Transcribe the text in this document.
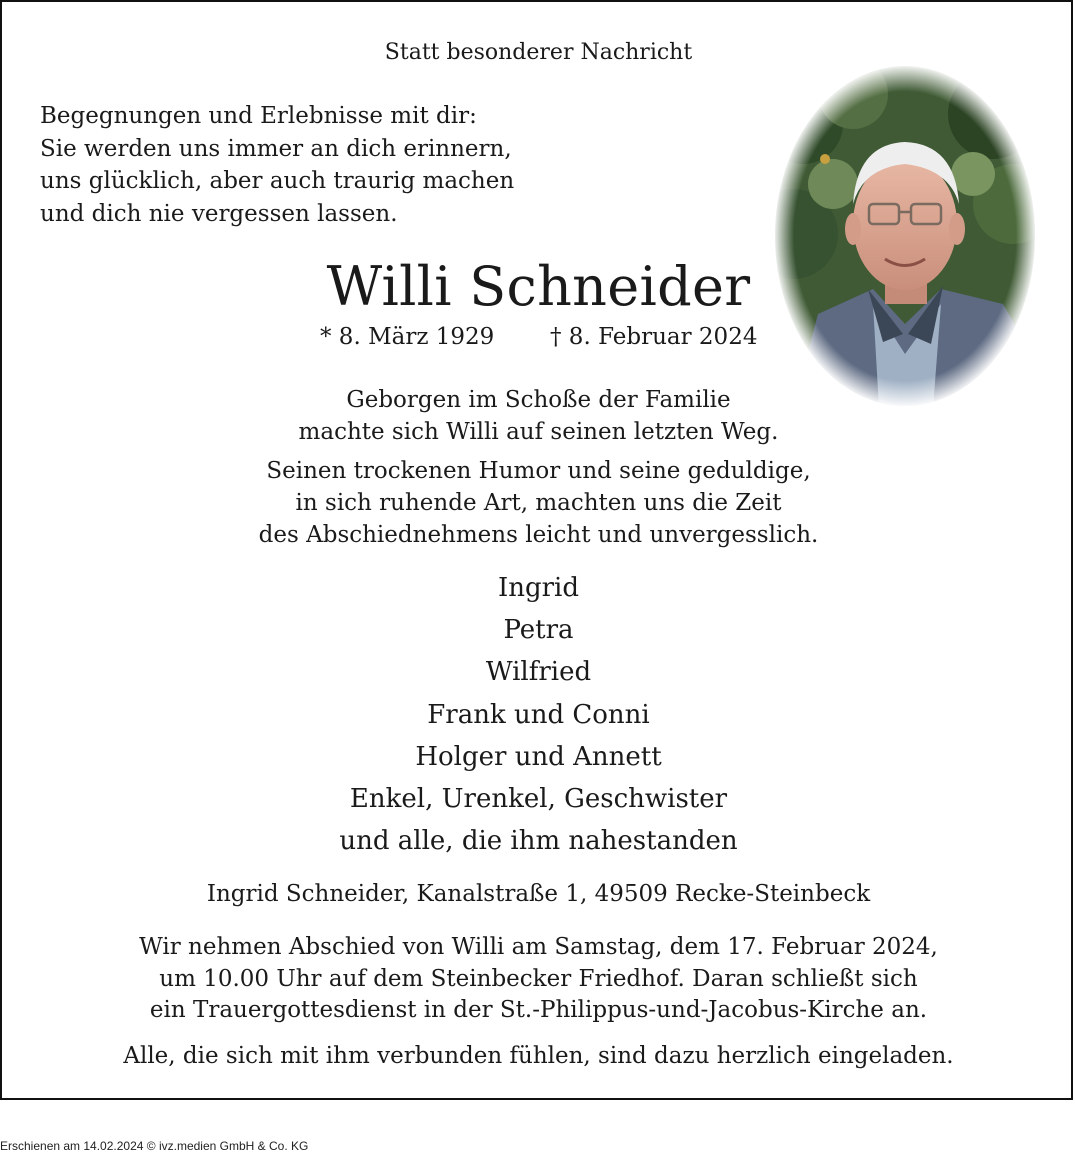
Statt besonderer Nachricht
Begegnungen und Erlebnisse mit dir:
Sie werden uns immer an dich erinnern,
uns glücklich, aber auch traurig machen
und dich nie vergessen lassen.
Willi Schneider
* 8. März 1929 † 8. Februar 2024
Geborgen im Schoße der Familie
machte sich Willi auf seinen letzten Weg.
Seinen trockenen Humor und seine geduldige,
in sich ruhende Art, machten uns die Zeit
des Abschiednehmens leicht und unvergesslich.
Ingrid
Petra
Wilfried
Frank und Conni
Holger und Annett
Enkel, Urenkel, Geschwister
und alle, die ihm nahestanden
Ingrid Schneider, Kanalstraße 1, 49509 Recke-Steinbeck
Wir nehmen Abschied von Willi am Samstag, dem 17. Februar 2024,
um 10.00 Uhr auf dem Steinbecker Friedhof. Daran schließt sich
ein Trauergottesdienst in der St.-Philippus-und-Jacobus-Kirche an.
Alle, die sich mit ihm verbunden fühlen, sind dazu herzlich eingeladen.
Erschienen am 14.02.2024 © ivz.medien GmbH & Co. KG
